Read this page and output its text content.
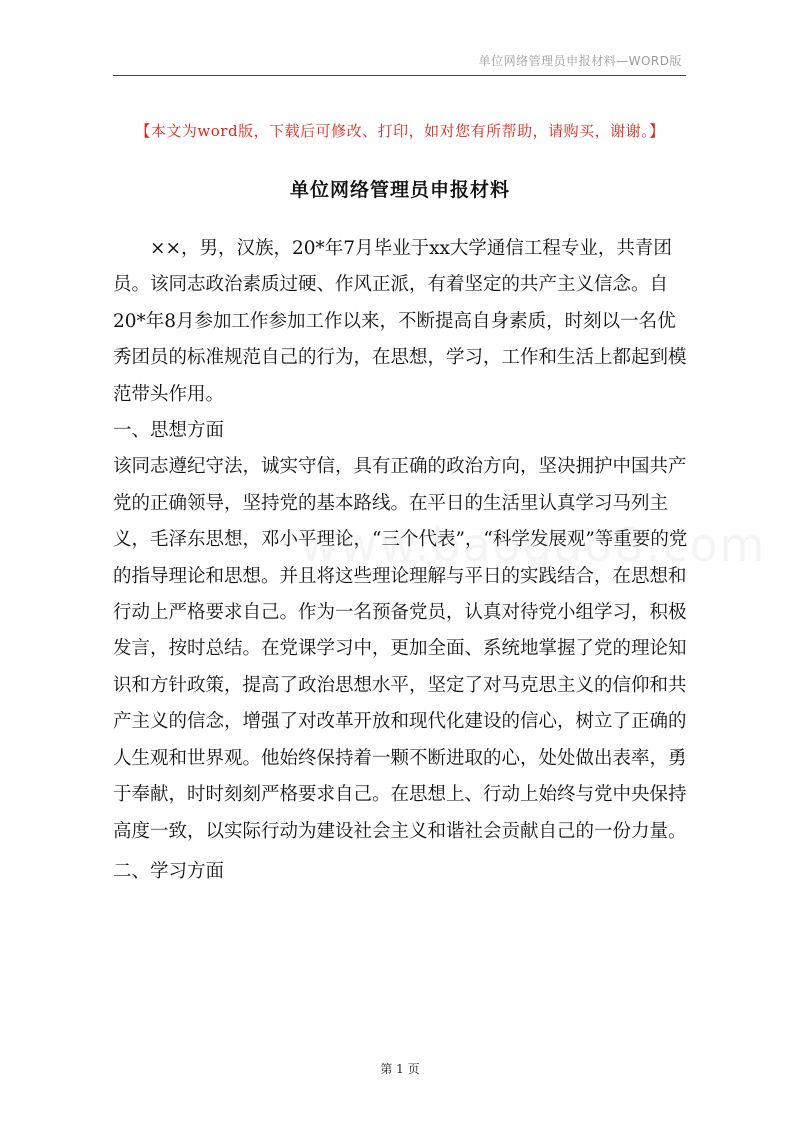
单位网络管理员申报材料—WORD版
【本文为word版，下载后可修改、打印，如对您有所帮助，请购买，谢谢。】
单位网络管理员申报材料

××，男，汉族，20*年7月毕业于xx大学通信工程专业，共青团员。该同志政治素质过硬、作风正派，有着坚定的共产主义信念。自20*年8月参加工作参加工作以来，不断提高自身素质，时刻以一名优秀团员的标准规范自己的行为，在思想，学习，工作和生活上都起到模范带头作用。

一、思想方面

该同志遵纪守法，诚实守信，具有正确的政治方向，坚决拥护中国共产党的正确领导，坚持党的基本路线。在平日的生活里认真学习马列主义，毛泽东思想，邓小平理论，“三个代表”，“科学发展观”等重要的党的指导理论和思想。并且将这些理论理解与平日的实践结合，在思想和行动上严格要求自己。作为一名预备党员，认真对待党小组学习，积极发言，按时总结。在党课学习中，更加全面、系统地掌握了党的理论知识和方针政策，提高了政治思想水平，坚定了对马克思主义的信仰和共产主义的信念，增强了对改革开放和现代化建设的信心，树立了正确的人生观和世界观。他始终保持着一颗不断进取的心，处处做出表率，勇于奉献，时时刻刻严格要求自己。在思想上、行动上始终与党中央保持高度一致，以实际行动为建设社会主义和谐社会贡献自己的一份力量。

二、学习方面

第 1 页
